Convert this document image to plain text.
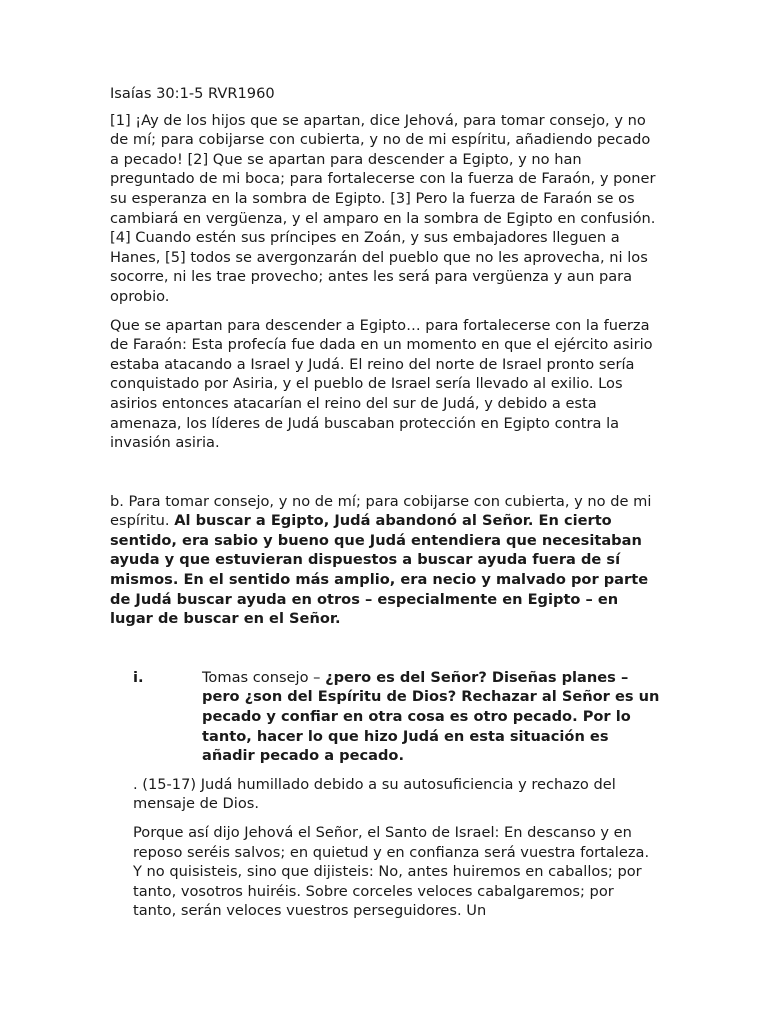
Isaías 30:1-5 RVR1960

[1] ¡Ay de los hijos que se apartan, dice Jehová, para tomar consejo, y no de mí; para cobijarse con cubierta, y no de mi espíritu, añadiendo pecado a pecado! [2] Que se apartan para descender a Egipto, y no han preguntado de mi boca; para fortalecerse con la fuerza de Faraón, y poner su esperanza en la sombra de Egipto. [3] Pero la fuerza de Faraón se os cambiará en vergüenza, y el amparo en la sombra de Egipto en confusión. [4] Cuando estén sus príncipes en Zoán, y sus embajadores lleguen a Hanes, [5] todos se avergonzarán del pueblo que no les aprovecha, ni los socorre, ni les trae provecho; antes les será para vergüenza y aun para oprobio.

Que se apartan para descender a Egipto… para fortalecerse con la fuerza de Faraón: Esta profecía fue dada en un momento en que el ejército asirio estaba atacando a Israel y Judá. El reino del norte de Israel pronto sería conquistado por Asiria, y el pueblo de Israel sería llevado al exilio. Los asirios entonces atacarían el reino del sur de Judá, y debido a esta amenaza, los líderes de Judá buscaban protección en Egipto contra la invasión asiria.

b. Para tomar consejo, y no de mí; para cobijarse con cubierta, y no de mi espíritu. Al buscar a Egipto, Judá abandonó al Señor. En cierto sentido, era sabio y bueno que Judá entendiera que necesitaban ayuda y que estuvieran dispuestos a buscar ayuda fuera de sí mismos. En el sentido más amplio, era necio y malvado por parte de Judá buscar ayuda en otros – especialmente en Egipto – en lugar de buscar en el Señor.

i.	Tomas consejo – ¿pero es del Señor? Diseñas planes – pero ¿son del Espíritu de Dios? Rechazar al Señor es un pecado y confiar en otra cosa es otro pecado. Por lo tanto, hacer lo que hizo Judá en esta situación es añadir pecado a pecado.

. (15-17) Judá humillado debido a su autosuficiencia y rechazo del mensaje de Dios.

Porque así dijo Jehová el Señor, el Santo de Israel: En descanso y en reposo seréis salvos; en quietud y en confianza será vuestra fortaleza. Y no quisisteis, sino que dijisteis: No, antes huiremos en caballos; por tanto, vosotros huiréis. Sobre corceles veloces cabalgaremos; por tanto, serán veloces vuestros perseguidores. Un
